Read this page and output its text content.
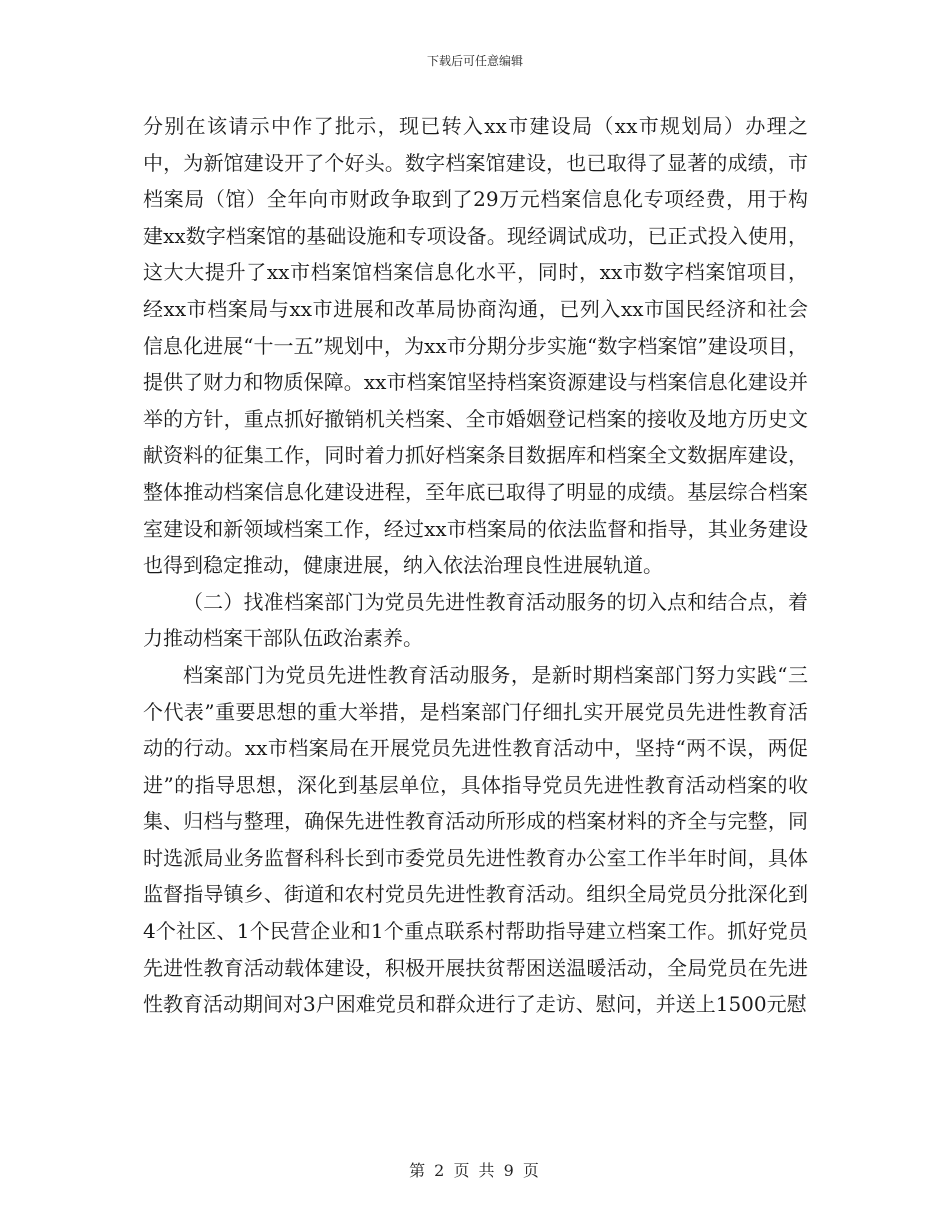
下载后可任意编辑

分别在该请示中作了批示，现已转入xx市建设局（xx市规划局）办理之中，为新馆建设开了个好头。数字档案馆建设，也已取得了显著的成绩，市档案局（馆）全年向市财政争取到了29万元档案信息化专项经费，用于构建xx数字档案馆的基础设施和专项设备。现经调试成功，已正式投入使用，这大大提升了xx市档案馆档案信息化水平，同时，xx市数字档案馆项目，经xx市档案局与xx市进展和改革局协商沟通，已列入xx市国民经济和社会信息化进展“十一五”规划中，为xx市分期分步实施“数字档案馆”建设项目，提供了财力和物质保障。xx市档案馆坚持档案资源建设与档案信息化建设并举的方针，重点抓好撤销机关档案、全市婚姻登记档案的接收及地方历史文献资料的征集工作，同时着力抓好档案条目数据库和档案全文数据库建设，整体推动档案信息化建设进程，至年底已取得了明显的成绩。基层综合档案室建设和新领域档案工作，经过xx市档案局的依法监督和指导，其业务建设也得到稳定推动，健康进展，纳入依法治理良性进展轨道。

（二）找准档案部门为党员先进性教育活动服务的切入点和结合点，着力推动档案干部队伍政治素养。

档案部门为党员先进性教育活动服务，是新时期档案部门努力实践“三个代表”重要思想的重大举措，是档案部门仔细扎实开展党员先进性教育活动的行动。xx市档案局在开展党员先进性教育活动中，坚持“两不误，两促进”的指导思想，深化到基层单位，具体指导党员先进性教育活动档案的收集、归档与整理，确保先进性教育活动所形成的档案材料的齐全与完整，同时选派局业务监督科科长到市委党员先进性教育办公室工作半年时间，具体监督指导镇乡、街道和农村党员先进性教育活动。组织全局党员分批深化到4个社区、1个民营企业和1个重点联系村帮助指导建立档案工作。抓好党员先进性教育活动载体建设，积极开展扶贫帮困送温暖活动，全局党员在先进性教育活动期间对3户困难党员和群众进行了走访、慰问，并送上1500元慰

第 2 页 共 9 页
